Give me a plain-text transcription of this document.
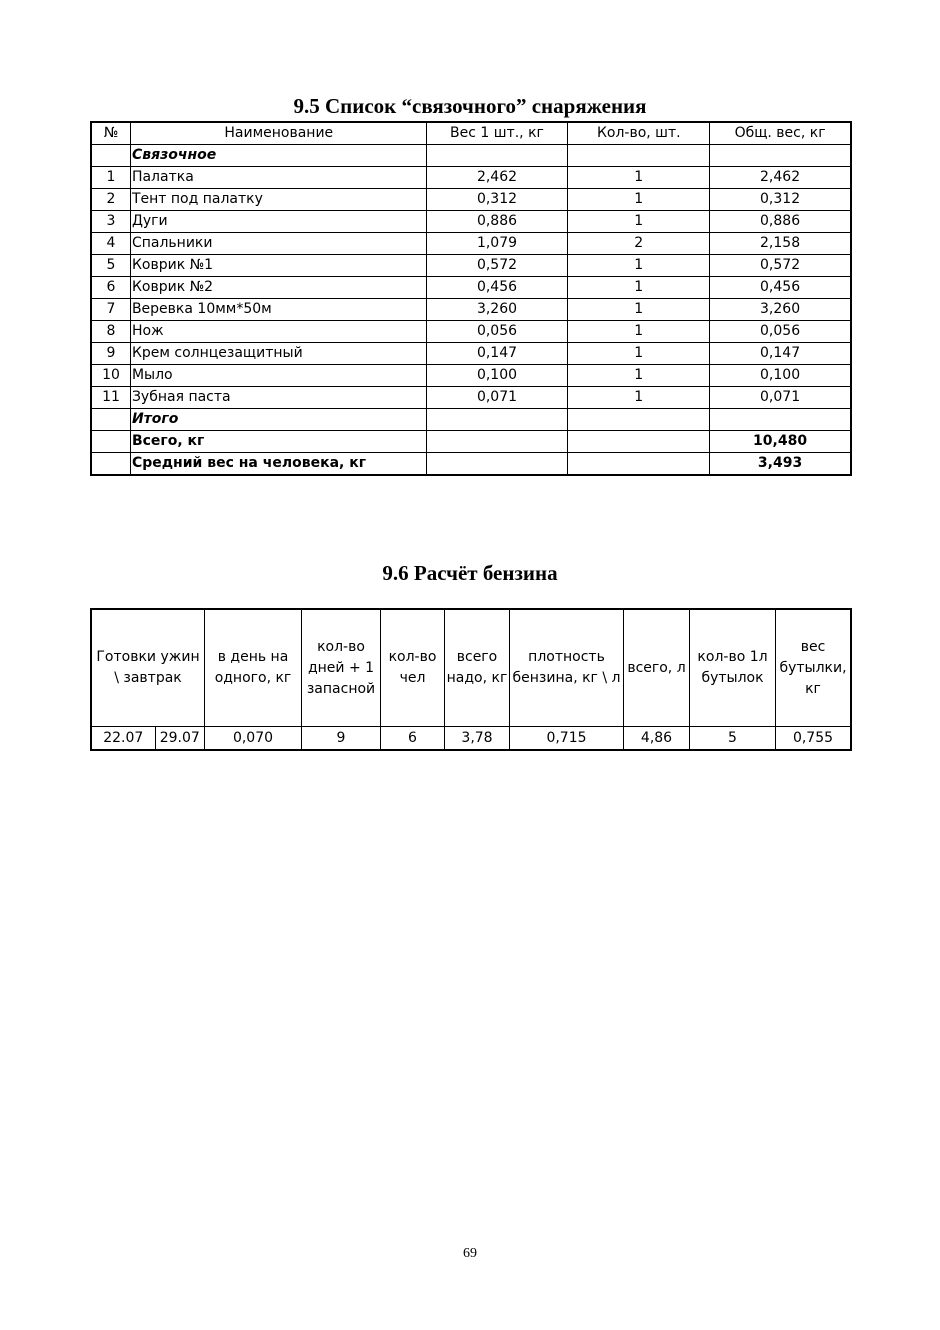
9.5 Список “связочного” снаряжения
№	Наименование	Вес 1 шт., кг	Кол-во, шт.	Общ. вес, кг
	Связочное			
1	Палатка	2,462	1	2,462
2	Тент под палатку	0,312	1	0,312
3	Дуги	0,886	1	0,886
4	Спальники	1,079	2	2,158
5	Коврик №1	0,572	1	0,572
6	Коврик №2	0,456	1	0,456
7	Веревка 10мм*50м	3,260	1	3,260
8	Нож	0,056	1	0,056
9	Крем солнцезащитный	0,147	1	0,147
10	Мыло	0,100	1	0,100
11	Зубная паста	0,071	1	0,071
	Итого			
	Всего, кг			10,480
	Средний вес на человека, кг			3,493
9.6 Расчёт бензина
Готовки ужин \ завтрак		в день на одного, кг	кол-во дней + 1 запасной	кол-во чел	всего надо, кг	плотность бензина, кг \ л	всего, л	кол-во 1л бутылок	вес бутылки, кг
22.07	29.07	0,070	9	6	3,78	0,715	4,86	5	0,755
69
